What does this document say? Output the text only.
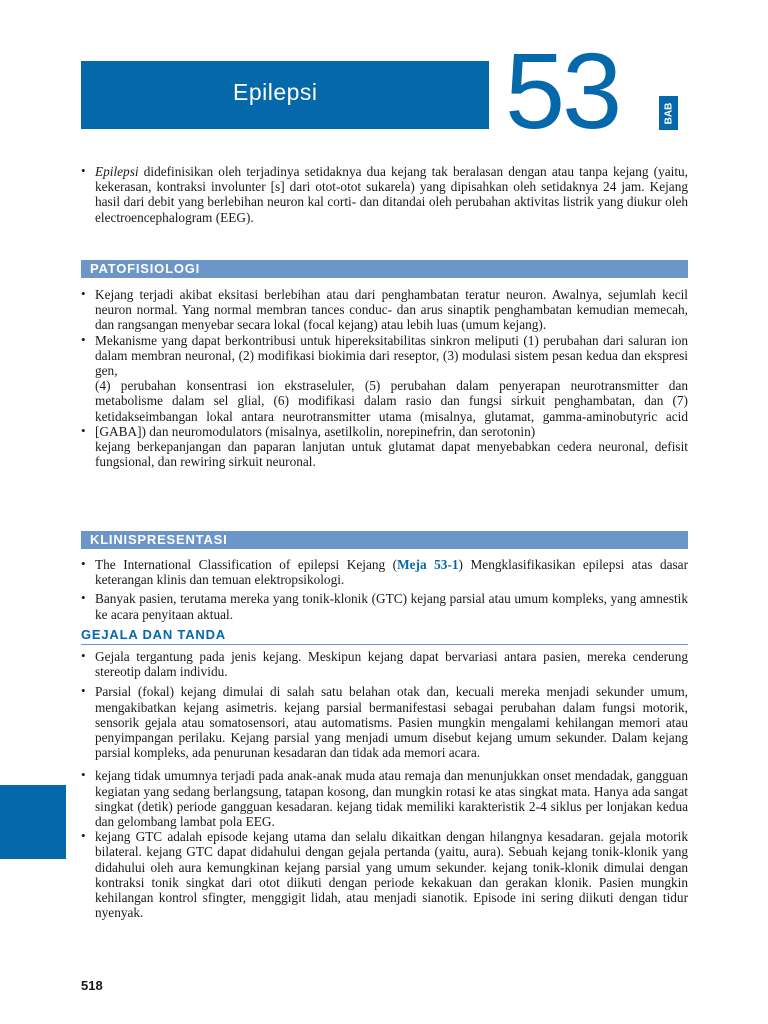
Epilepsi 53	BAB

• Epilepsi didefinisikan oleh terjadinya setidaknya dua kejang tak beralasan dengan atau tanpa kejang (yaitu, kekerasan, kontraksi involunter [s] dari otot-otot sukarela) yang dipisahkan oleh setidaknya 24 jam. Kejang hasil dari debit yang berlebihan neuron kal corti- dan ditandai oleh perubahan aktivitas listrik yang diukur oleh electroencephalogram (EEG).

PATOFISIOLOGI

• Kejang terjadi akibat eksitasi berlebihan atau dari penghambatan teratur neuron. Awalnya, sejumlah kecil neuron normal. Yang normal membran tances conduc- dan arus sinaptik penghambatan kemudian memecah, dan rangsangan menyebar secara lokal (focal kejang) atau lebih luas (umum kejang).

• Mekanisme yang dapat berkontribusi untuk hipereksitabilitas sinkron meliputi (1) perubahan dari saluran ion dalam membran neuronal, (2) modifikasi biokimia dari reseptor, (3) modulasi sistem pesan kedua dan ekspresi gen,

(4) perubahan konsentrasi ion ekstraseluler, (5) perubahan dalam penyerapan neurotransmitter dan metabolisme dalam sel glial, (6) modifikasi dalam rasio dan fungsi sirkuit penghambatan, dan (7) ketidakseimbangan lokal antara neurotransmitter utama (misalnya, glutamat, gamma-aminobutyric acid [GABA]) dan neuromodulators (misalnya, asetilkolin, norepinefrin, dan serotonin)

•
kejang berkepanjangan dan paparan lanjutan untuk glutamat dapat menyebabkan cedera neuronal, defisit fungsional, dan rewiring sirkuit neuronal.

KLINISPRESENTASI

• The International Classification of epilepsi Kejang (Meja 53-1) Mengklasifikasikan epilepsi atas dasar keterangan klinis dan temuan elektropsikologi.

• Banyak pasien, terutama mereka yang tonik-klonik (GTC) kejang parsial atau umum kompleks, yang amnestik ke acara penyitaan aktual.

GEJALA DAN TANDA

• Gejala tergantung pada jenis kejang. Meskipun kejang dapat bervariasi antara pasien, mereka cenderung stereotip dalam individu.

• Parsial (fokal) kejang dimulai di salah satu belahan otak dan, kecuali mereka menjadi sekunder umum, mengakibatkan kejang asimetris. kejang parsial bermanifestasi sebagai perubahan dalam fungsi motorik, sensorik gejala atau somatosensori, atau automatisms. Pasien mungkin mengalami kehilangan memori atau penyimpangan perilaku. Kejang parsial yang menjadi umum disebut kejang umum sekunder. Dalam kejang parsial kompleks, ada penurunan kesadaran dan tidak ada memori acara.

• kejang tidak umumnya terjadi pada anak-anak muda atau remaja dan menunjukkan onset mendadak, gangguan kegiatan yang sedang berlangsung, tatapan kosong, dan mungkin rotasi ke atas singkat mata. Hanya ada sangat singkat (detik) periode gangguan kesadaran. kejang tidak memiliki karakteristik 2-4 siklus per lonjakan kedua dan gelombang lambat pola EEG.

• kejang GTC adalah episode kejang utama dan selalu dikaitkan dengan hilangnya kesadaran. gejala motorik bilateral. kejang GTC dapat didahului dengan gejala pertanda (yaitu, aura). Sebuah kejang tonik-klonik yang didahului oleh aura kemungkinan kejang parsial yang umum sekunder. kejang tonik-klonik dimulai dengan kontraksi tonik singkat dari otot diikuti dengan periode kekakuan dan gerakan klonik. Pasien mungkin kehilangan kontrol sfingter, menggigit lidah, atau menjadi sianotik. Episode ini sering diikuti dengan tidur nyenyak.

518
